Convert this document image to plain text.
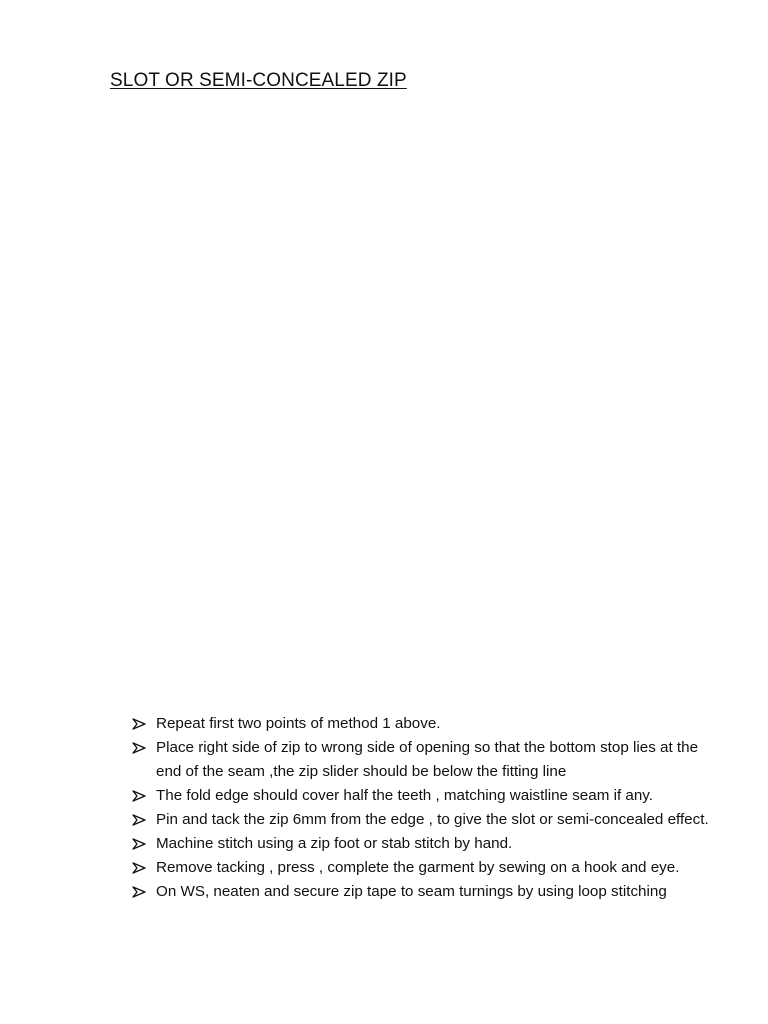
SLOT OR SEMI-CONCEALED ZIP
Repeat first two points of method 1 above.
Place right side of zip to wrong side of opening so that the bottom stop lies at the end of the seam ,the zip slider should be below the fitting line
The fold edge should cover half the teeth , matching waistline seam if any.
Pin and tack the zip 6mm from the edge , to give the slot or semi-concealed effect.
Machine stitch using a zip foot or stab stitch by hand.
Remove tacking , press , complete the garment by sewing on a hook and eye.
On WS, neaten and secure zip tape to seam turnings by using loop stitching
